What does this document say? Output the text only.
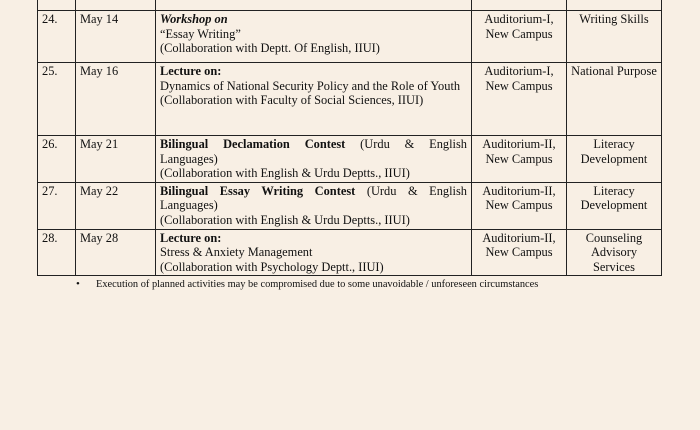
24.	May 14	Workshop on
“Essay Writing”
(Collaboration with Deptt. Of English, IIUI)	Auditorium-I, New Campus	Writing Skills
25.	May 16	Lecture on:
Dynamics of National Security Policy and the Role of Youth
(Collaboration with Faculty of Social Sciences, IIUI)	Auditorium-I, New Campus	National Purpose
26.	May 21	Bilingual Declamation Contest (Urdu & English Languages)
(Collaboration with English & Urdu Deptts., IIUI)	Auditorium-II, New Campus	Literacy Development
27.	May 22	Bilingual Essay Writing Contest (Urdu & English Languages)
(Collaboration with English & Urdu Deptts., IIUI)	Auditorium-II, New Campus	Literacy Development
28.	May 28	Lecture on:
Stress & Anxiety Management
(Collaboration with Psychology Deptt., IIUI)	Auditorium-II, New Campus	Counseling Advisory Services
• Execution of planned activities may be compromised due to some unavoidable / unforeseen circumstances
